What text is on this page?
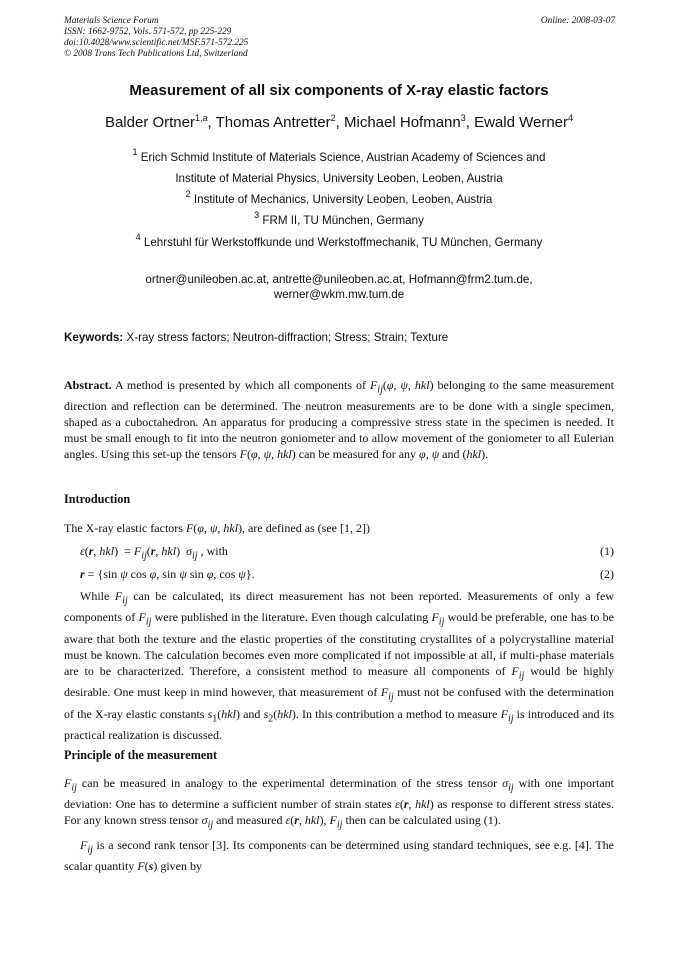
Materials Science Forum
ISSN: 1662-9752, Vols. 571-572, pp 225-229
doi:10.4028/www.scientific.net/MSF.571-572.225
© 2008 Trans Tech Publications Ltd, Switzerland
Online: 2008-03-07
Measurement of all six components of X-ray elastic factors
Balder Ortner$^{1,a}$, Thomas Antretter$^2$, Michael Hofmann$^3$, Ewald Werner$^4$
$^1$ Erich Schmid Institute of Materials Science, Austrian Academy of Sciences and
Institute of Material Physics, University Leoben, Leoben, Austria
$^2$ Institute of Mechanics, University Leoben, Leoben, Austria
$^3$ FRM II, TU München, Germany
$^4$ Lehrstuhl für Werkstoffkunde und Werkstoffmechanik, TU München, Germany
ortner@unileoben.ac.at, antrette@unileoben.ac.at, Hofmann@frm2.tum.de,
werner@wkm.mw.tum.de
Keywords: X-ray stress factors; Neutron-diffraction; Stress; Strain; Texture

Abstract. A method is presented by which all components of $F_{ij}(\varphi$, ψ, hkl) belonging to the same measurement direction and reflection can be determined. The neutron measurements are to be done with a single specimen, shaped as a cuboctahedron. An apparatus for producing a compressive stress state in the specimen is needed. It must be small enough to fit into the neutron goniometer and to allow movement of the goniometer to all Eulerian angles. Using this set-up the tensors F(φ, ψ, hkl) can be measured for any φ, ψ and (hkl).

Introduction

The X-ray elastic factors F(φ, ψ, hkl), are defined as (see [1, 2])

ε(r, $hkl) = F_{ij}(r$, hkl)  $\sigma_{ij}$ , with	(1)
r = {sin ψ cos φ, sin ψ sin φ, cos ψ}.	(2)

While $F_{ij}$ can be calculated, its direct measurement has not been reported. Measurements of only a few components of $F_{ij}$ were published in the literature. Even though calculating $F_{ij}$ would be preferable, one has to be aware that both the texture and the elastic properties of the constituting crystallites of a polycrystalline material must be known. The calculation becomes even more complicated if not impossible at all, if multi-phase materials are to be characterized. Therefore, a consistent method to measure all components of $F_{ij}$ would be highly desirable. One must keep in mind however, that measurement of $F_{ij}$ must not be confused with the determination of the X-ray elastic constants $s_1(hkl)$ and $s_2(hkl)$. In this contribution a method to measure $F_{ij}$ is introduced and its practical realization is discussed.

Principle of the measurement

$F_{ij}$ can be measured in analogy to the experimental determination of the stress tensor $\sigma_{ij}$ with one important deviation: One has to determine a sufficient number of strain states ε(r, hkl) as response to different stress states. For any known stress tensor $\sigma_{ij}$ and measured ε(r, hkl), $F_{ij}$ then can be calculated using (1).

$F_{ij}$ is a second rank tensor [3]. Its components can be determined using standard techniques, see e.g. [4]. The scalar quantity F(s) given by
